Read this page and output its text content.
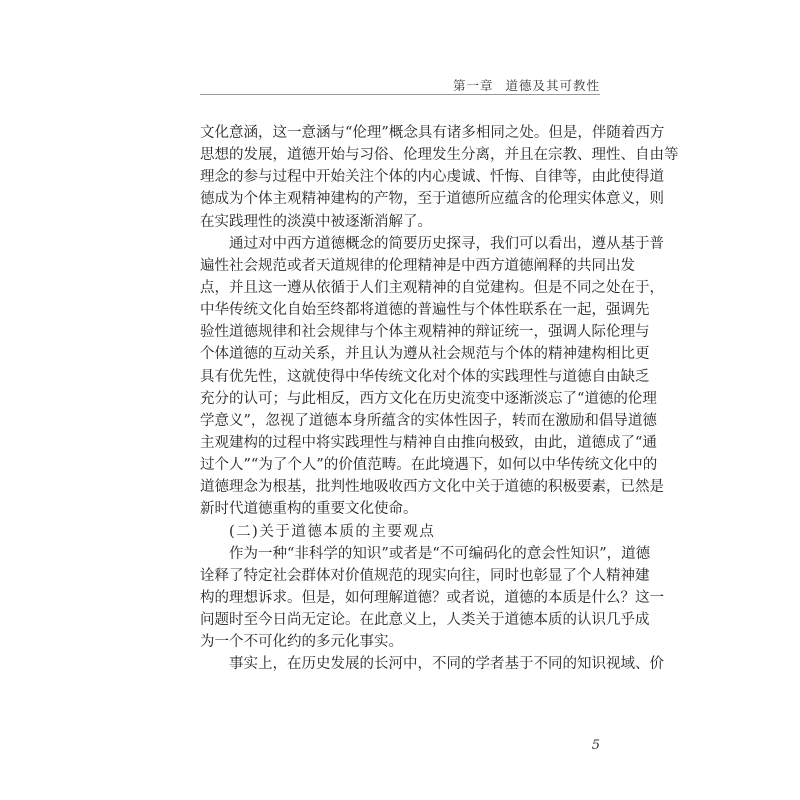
第一章 道德及其可教性
文化意涵，这一意涵与“伦理”概念具有诸多相同之处。但是，伴随着西方
思想的发展，道德开始与习俗、伦理发生分离，并且在宗教、理性、自由等
理念的参与过程中开始关注个体的内心虔诚、忏悔、自律等，由此使得道
德成为个体主观精神建构的产物，至于道德所应蕴含的伦理实体意义，则
在实践理性的淡漠中被逐渐消解了。
通过对中西方道德概念的简要历史探寻，我们可以看出，遵从基于普
遍性社会规范或者天道规律的伦理精神是中西方道德阐释的共同出发
点，并且这一遵从依循于人们主观精神的自觉建构。但是不同之处在于，
中华传统文化自始至终都将道德的普遍性与个体性联系在一起，强调先
验性道德规律和社会规律与个体主观精神的辩证统一，强调人际伦理与
个体道德的互动关系，并且认为遵从社会规范与个体的精神建构相比更
具有优先性，这就使得中华传统文化对个体的实践理性与道德自由缺乏
充分的认可；与此相反，西方文化在历史流变中逐渐淡忘了“道德的伦理
学意义”，忽视了道德本身所蕴含的实体性因子，转而在激励和倡导道德
主观建构的过程中将实践理性与精神自由推向极致，由此，道德成了“通
过个人”“为了个人”的价值范畴。在此境遇下，如何以中华传统文化中的
道德理念为根基，批判性地吸收西方文化中关于道德的积极要素，已然是
新时代道德重构的重要文化使命。
(二)关于道德本质的主要观点
作为一种“非科学的知识”或者是“不可编码化的意会性知识”，道德
诠释了特定社会群体对价值规范的现实向往，同时也彰显了个人精神建
构的理想诉求。但是，如何理解道德？或者说，道德的本质是什么？这一
问题时至今日尚无定论。在此意义上，人类关于道德本质的认识几乎成
为一个不可化约的多元化事实。
事实上，在历史发展的长河中，不同的学者基于不同的知识视域、价
5
